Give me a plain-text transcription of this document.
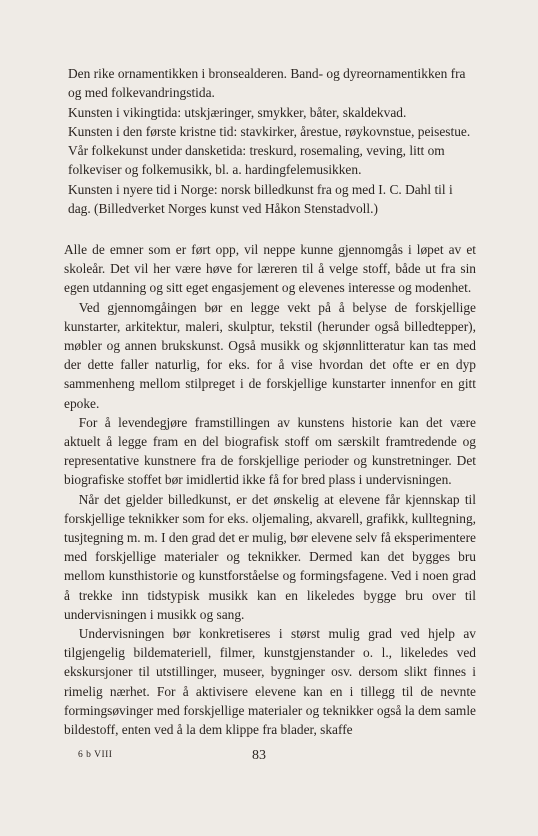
Den rike ornamentikken i bronsealderen. Band- og dyreornamentikken fra og med folkevandringstida.

Kunsten i vikingtida: utskjæringer, smykker, båter, skaldekvad.

Kunsten i den første kristne tid: stavkirker, årestue, røykovnstue, peisestue.

Vår folkekunst under dansketida: treskurd, rosemaling, veving, litt om folkeviser og folkemusikk, bl. a. hardingfelemusikken.

Kunsten i nyere tid i Norge: norsk billedkunst fra og med I. C. Dahl til i dag. (Billedverket Norges kunst ved Håkon Stenstadvoll.)

Alle de emner som er ført opp, vil neppe kunne gjennomgås i løpet av et skoleår. Det vil her være høve for læreren til å velge stoff, både ut fra sin egen utdanning og sitt eget engasjement og elevenes interesse og modenhet.

Ved gjennomgåingen bør en legge vekt på å belyse de forskjellige kunstarter, arkitektur, maleri, skulptur, tekstil (herunder også billedtepper), møbler og annen brukskunst. Også musikk og skjønnlitteratur kan tas med der dette faller naturlig, for eks. for å vise hvordan det ofte er en dyp sammenheng mellom stilpreget i de forskjellige kunstarter innenfor en gitt epoke.

For å levendegjøre framstillingen av kunstens historie kan det være aktuelt å legge fram en del biografisk stoff om særskilt framtredende og representative kunstnere fra de forskjellige perioder og kunstretninger. Det biografiske stoffet bør imidlertid ikke få for bred plass i undervisningen.

Når det gjelder billedkunst, er det ønskelig at elevene får kjennskap til forskjellige teknikker som for eks. oljemaling, akvarell, grafikk, kulltegning, tusjtegning m. m. I den grad det er mulig, bør elevene selv få eksperimentere med forskjellige materialer og teknikker. Dermed kan det bygges bru mellom kunsthistorie og kunstforståelse og formingsfagene. Ved i noen grad å trekke inn tidstypisk musikk kan en likeledes bygge bru over til undervisningen i musikk og sang.

Undervisningen bør konkretiseres i størst mulig grad ved hjelp av tilgjengelig bildemateriell, filmer, kunstgjenstander o. l., likeledes ved ekskursjoner til utstillinger, museer, bygninger osv. dersom slikt finnes i rimelig nærhet. For å aktivisere elevene kan en i tillegg til de nevnte formingsøvinger med forskjellige materialer og teknikker også la dem samle bildestoff, enten ved å la dem klippe fra blader, skaffe

6 b VIII	83
